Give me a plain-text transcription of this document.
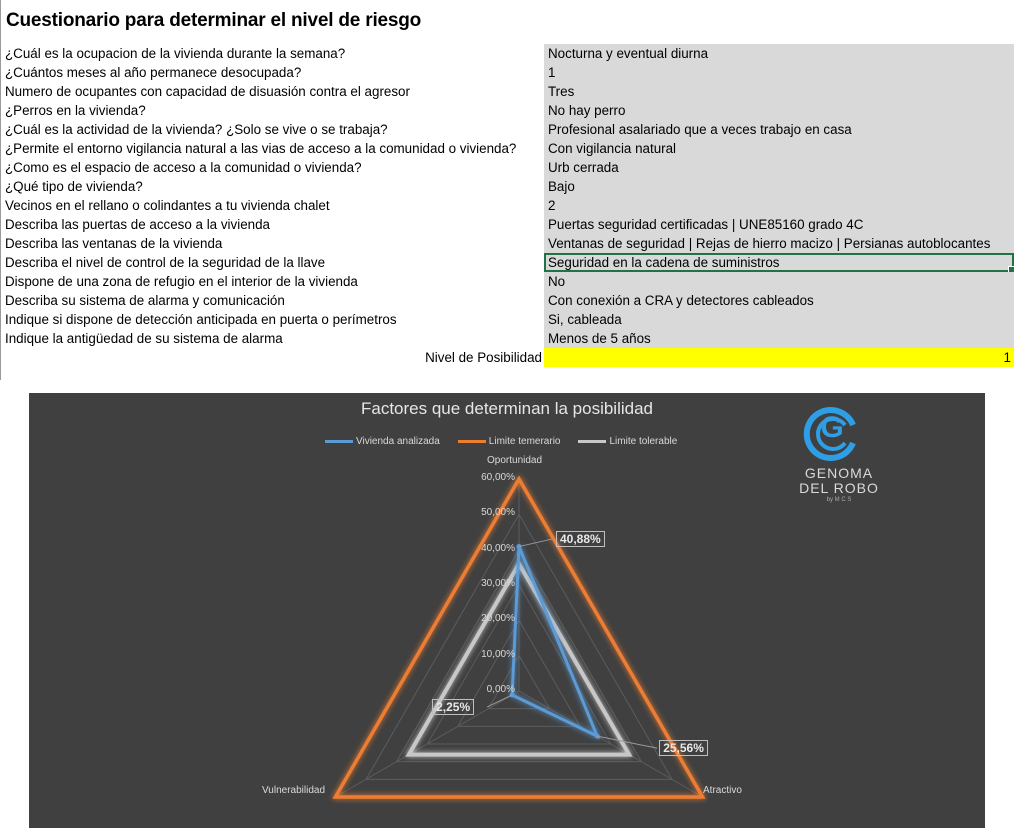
Cuestionario para determinar el nivel de riesgo
¿Cuál es la ocupacion de la vivienda durante la semana?	Nocturna y eventual diurna
¿Cuántos meses al año permanece desocupada?	1
Numero de ocupantes con capacidad de disuasión contra el agresor	Tres
¿Perros en la vivienda?	No hay perro
¿Cuál es la actividad de la vivienda? ¿Solo se vive o se trabaja?	Profesional asalariado que a veces trabajo en casa
¿Permite el entorno vigilancia natural a las vias de acceso a la comunidad o vivienda? Con vigilancia natural
¿Como es el espacio de acceso a la comunidad o vivienda?	Urb cerrada
¿Qué tipo de vivienda?	Bajo
Vecinos en el rellano o colindantes a tu vivienda chalet	2
Describa las puertas de acceso a la vivienda	Puertas seguridad certificadas | UNE85160 grado 4C
Describa las ventanas de la vivienda	Ventanas de seguridad | Rejas de hierro macizo | Persianas autoblocantes
Describa el nivel de control de la seguridad de la llave	Seguridad en la cadena de suministros
Dispone de una zona de refugio en el interior de la vivienda	No
Describa su sistema de alarma y comunicación	Con conexión a CRA y detectores cableados
Indique si dispone de detección anticipada en puerta o perímetros	Si, cableada
Indique la antigüedad de su sistema de alarma	Menos de 5 años
Nivel de Posibilidad	1
Factores que determinan la posibilidad
Vivienda analizada	Limite temerario	Limite tolerable
Oportunidad
Atractivo
Vulnerabilidad
0,00%
10,00%
20,00%
30,00%
40,00%
50,00%
60,00%
40,88%
25,56%
2,25%
G
GENOMA
DEL ROBO
by M C S
